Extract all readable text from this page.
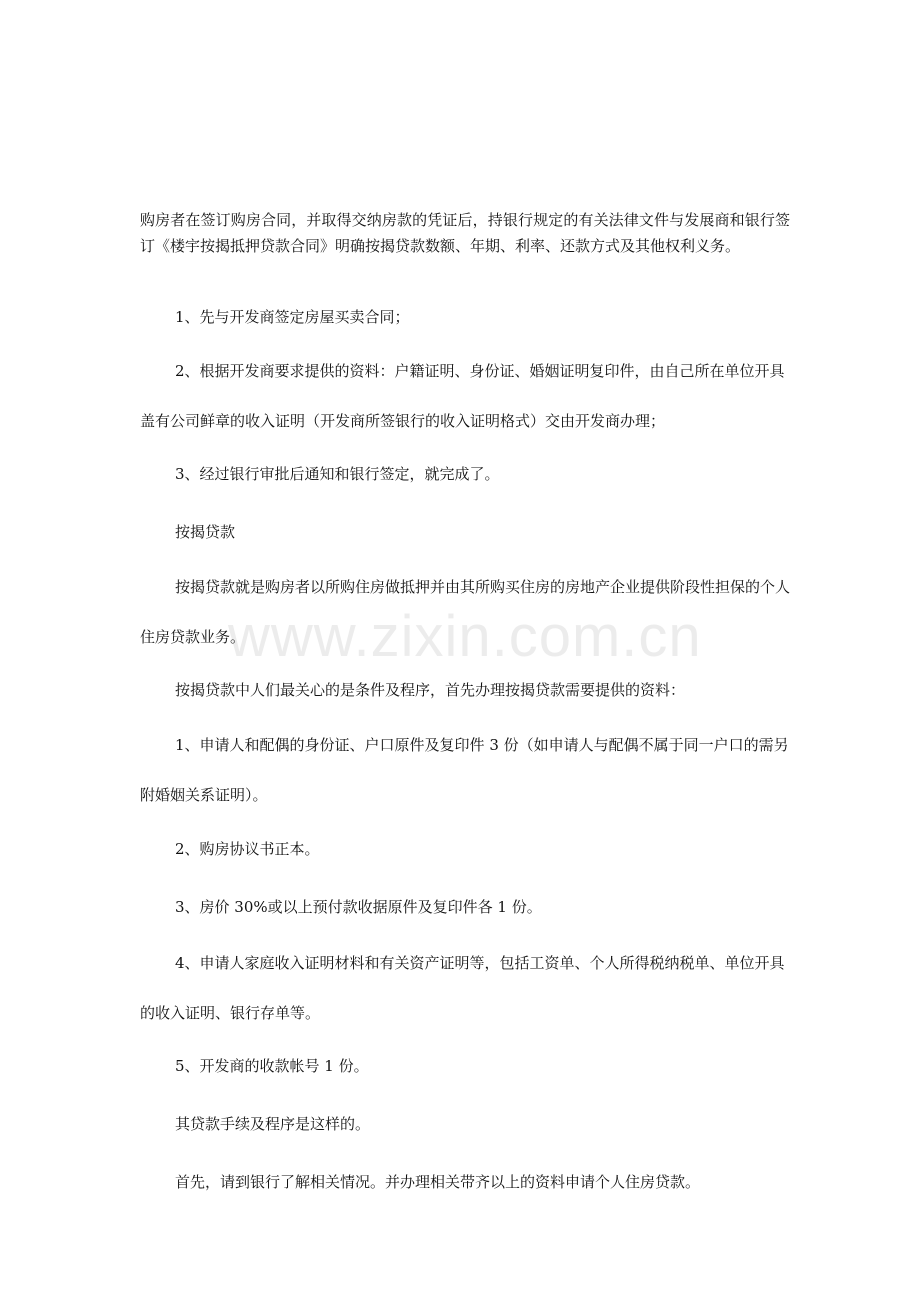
www.zixin.com.cn
购房者在签订购房合同，并取得交纳房款的凭证后，持银行规定的有关法律文件与发展商和银行签订《楼宇按揭抵押贷款合同》明确按揭贷款数额、年期、利率、还款方式及其他权利义务。
1、先与开发商签定房屋买卖合同；
2、根据开发商要求提供的资料：户籍证明、身份证、婚姻证明复印件，由自己所在单位开具盖有公司鲜章的收入证明（开发商所签银行的收入证明格式）交由开发商办理；
3、经过银行审批后通知和银行签定，就完成了。
按揭贷款
按揭贷款就是购房者以所购住房做抵押并由其所购买住房的房地产企业提供阶段性担保的个人住房贷款业务。
按揭贷款中人们最关心的是条件及程序，首先办理按揭贷款需要提供的资料：
1、申请人和配偶的身份证、户口原件及复印件 3 份（如申请人与配偶不属于同一户口的需另附婚姻关系证明）。
2、购房协议书正本。
3、房价 30%或以上预付款收据原件及复印件各 1 份。
4、申请人家庭收入证明材料和有关资产证明等，包括工资单、个人所得税纳税单、单位开具的收入证明、银行存单等。
5、开发商的收款帐号 1 份。
其贷款手续及程序是这样的。
首先，请到银行了解相关情况。并办理相关带齐以上的资料申请个人住房贷款。
